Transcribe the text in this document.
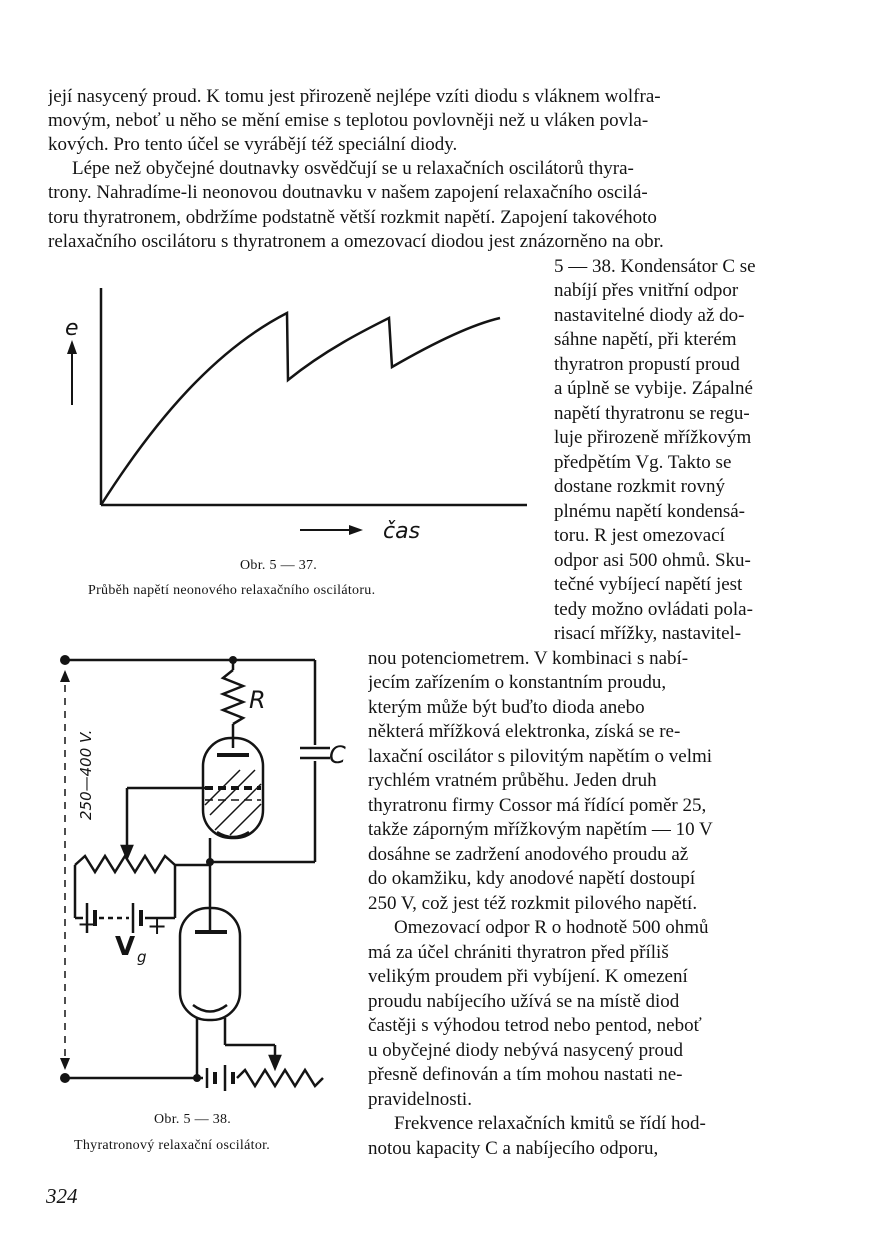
její nasycený proud. K tomu jest přirozeně nejlépe vzíti diodu s vláknem wolfra-

movým, neboť u něho se mění emise s teplotou povlovněji než u vláken povla-

kových. Pro tento účel se vyrábějí též speciální diody.

Lépe než obyčejné doutnavky osvědčují se u relaxačních oscilátorů thyra-

trony. Nahradíme-li neonovou doutnavku v našem zapojení relaxačního oscilá-

toru thyratronem, obdržíme podstatně větší rozkmit napětí. Zapojení takovéhoto

relaxačního oscilátoru s thyratronem a omezovací diodou jest znázorněno na obr.

5 — 38. Kondensátor C se

nabíjí přes vnitřní odpor

nastavitelné diody až do-

sáhne napětí, při kterém

thyratron propustí proud

a úplně se vybije. Zápalné

napětí thyratronu se regu-

luje přirozeně mřížkovým

předpětím Vg. Takto se

dostane rozkmit rovný

plnému napětí kondensá-

toru. R jest omezovací

odpor asi 500 ohmů. Sku-

tečné vybíjecí napětí jest

tedy možno ovládati pola-

risací mřížky, nastavitel-

nou potenciometrem. V kombinaci s nabí-

jecím zařízením o konstantním proudu,

kterým může být buďto dioda anebo

některá mřížková elektronka, získá se re-

laxační oscilátor s pilovitým napětím o velmi

rychlém vratném průběhu. Jeden druh

thyratronu firmy Cossor má řídící poměr 25,

takže záporným mřížkovým napětím — 10 V

dosáhne se zadržení anodového proudu až

do okamžiku, kdy anodové napětí dostoupí

250 V, což jest též rozkmit pilového napětí.

Omezovací odpor R o hodnotě 500 ohmů

má za účel chrániti thyratron před příliš

velikým proudem při vybíjení. K omezení

proudu nabíjecího užívá se na místě diod

častěji s výhodou tetrod nebo pentod, neboť

u obyčejné diody nebývá nasycený proud

přesně definován a tím mohou nastati ne-

pravidelnosti.

Frekvence relaxačních kmitů se řídí hod-

notou kapacity C a nabíjecího odporu,

e
čas

Obr. 5 — 37.

Průběh napětí neonového relaxačního oscilátoru.

R
C
250—400 V.
− +
V g

Obr. 5 — 38.

Thyratronový relaxační oscilátor.

324
